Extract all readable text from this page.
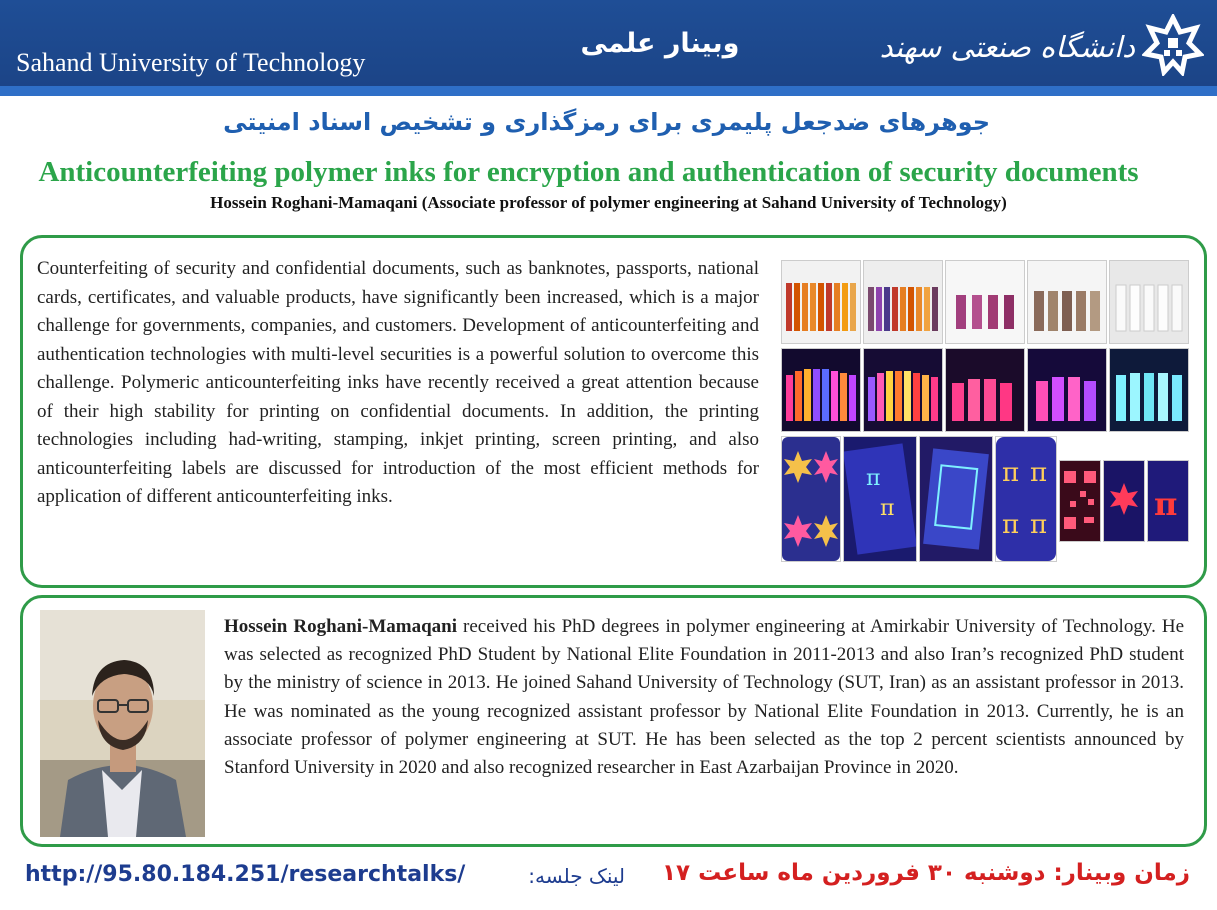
Sahand University of Technology
وبینار علمی	دانشگاه صنعتی سهند
جوهرهای ضدجعل پلیمری برای رمزگذاری و تشخیص اسناد امنیتی
Anticounterfeiting polymer inks for encryption and authentication of security documents
Hossein Roghani-Mamaqani (Associate professor of polymer engineering at Sahand University of Technology)
Counterfeiting of security and confidential documents, such as banknotes, passports, national cards, certificates, and valuable products, have significantly been increased, which is a major challenge for governments, companies, and customers. Development of anticounterfeiting and authentication technologies with multi-level securities is a powerful solution to overcome this challenge. Polymeric anticounterfeiting inks have recently received a great attention because of their high stability for printing on confidential documents. In addition, the printing technologies including had-writing, stamping, inkjet printing, screen printing, and also anticounterfeiting labels are discussed for introduction of the most efficient methods for application of different anticounterfeiting inks.
π
π
π π
π π
π
Hossein Roghani-Mamaqani received his PhD degrees in polymer engineering at Amirkabir University of Technology. He was selected as recognized PhD Student by National Elite Foundation in 2011-2013 and also Iran’s recognized PhD student by the ministry of science in 2013. He joined Sahand University of Technology (SUT, Iran) as an assistant professor in 2013. He was nominated as the young recognized assistant professor by National Elite Foundation in 2013. Currently, he is an associate professor of polymer engineering at SUT. He has been selected as the top 2 percent scientists announced by Stanford University in 2020 and also recognized researcher in East Azarbaijan Province in 2020.
http://95.80.184.251/researchtalks/	لینک جلسه:	زمان وبینار: دوشنبه ۳۰ فروردین ماه ساعت ۱۷
